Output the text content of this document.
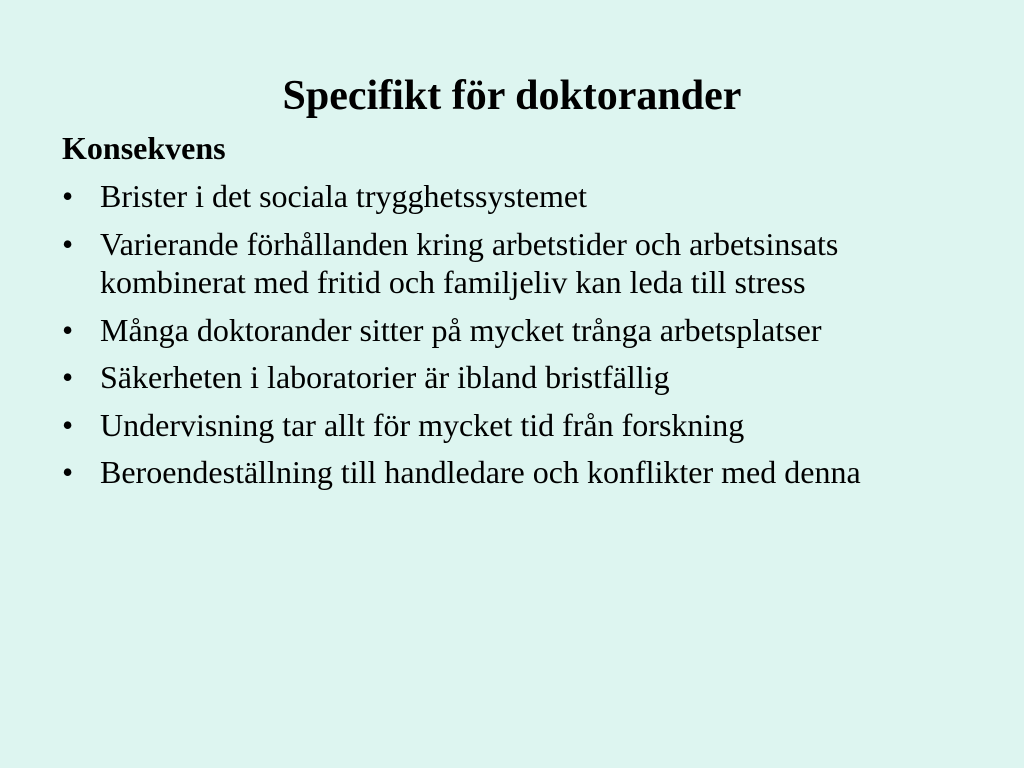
Specifikt för doktorander
Konsekvens
• Brister i det sociala trygghetssystemet
• Varierande förhållanden kring arbetstider och arbetsinsats kombinerat med fritid och familjeliv kan leda till stress
• Många doktorander sitter på mycket trånga arbetsplatser
• Säkerheten i laboratorier är ibland bristfällig
• Undervisning tar allt för mycket tid från forskning
• Beroendeställning till handledare och konflikter med denna
